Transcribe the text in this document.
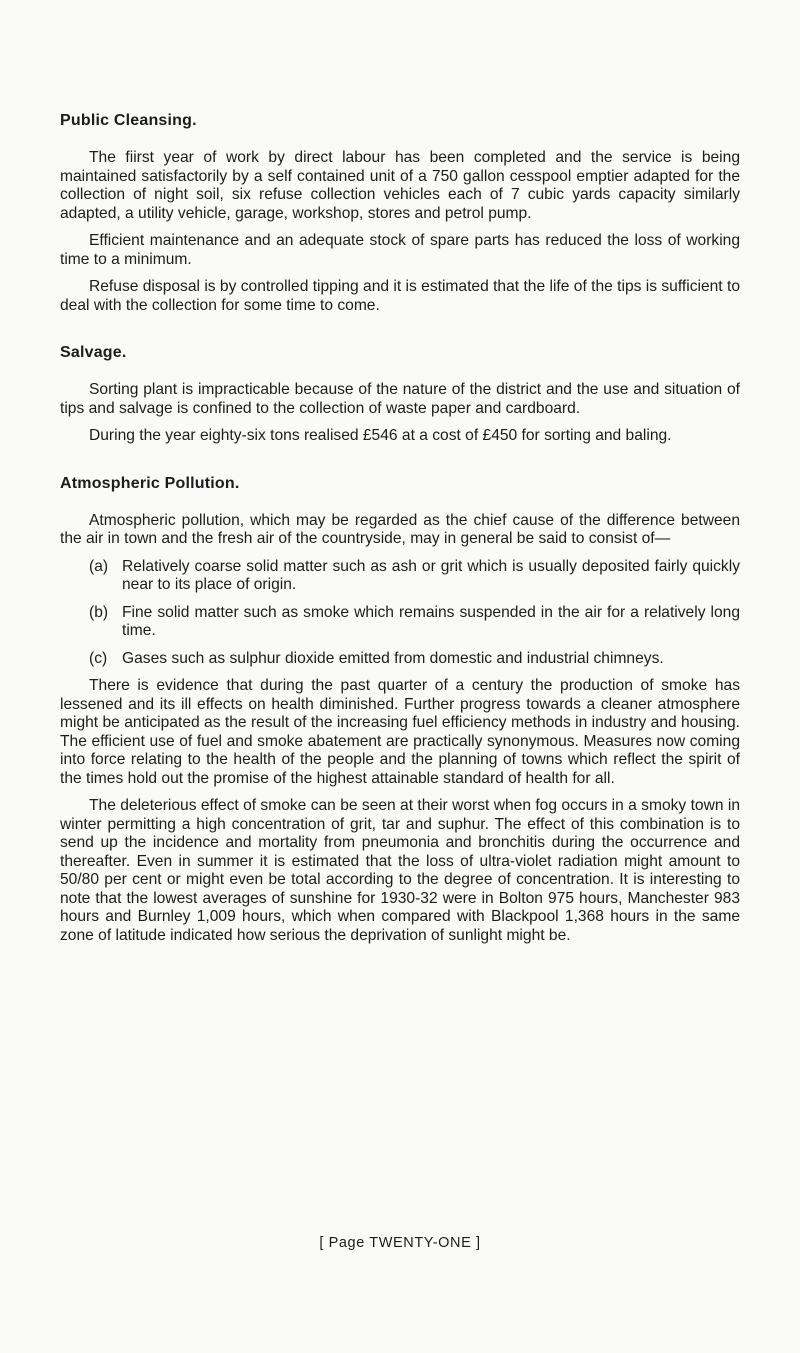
Public Cleansing.

The fiirst year of work by direct labour has been completed and the service is being maintained satisfactorily by a self contained unit of a 750 gallon cesspool emptier adapted for the collection of night soil, six refuse collection vehicles each of 7 cubic yards capacity similarly adapted, a utility vehicle, garage, workshop, stores and petrol pump.

Efficient maintenance and an adequate stock of spare parts has reduced the loss of working time to a minimum.

Refuse disposal is by controlled tipping and it is estimated that the life of the tips is sufficient to deal with the collection for some time to come.

Salvage.

Sorting plant is impracticable because of the nature of the district and the use and situation of tips and salvage is confined to the collection of waste paper and cardboard.

During the year eighty-six tons realised £546 at a cost of £450 for sorting and baling.

Atmospheric Pollution.

Atmospheric pollution, which may be regarded as the chief cause of the difference between the air in town and the fresh air of the countryside, may in general be said to consist of—

(a) Relatively coarse solid matter such as ash or grit which is usually deposited fairly quickly near to its place of origin.
(b) Fine solid matter such as smoke which remains suspended in the air for a relatively long time.
(c) Gases such as sulphur dioxide emitted from domestic and industrial chimneys.

There is evidence that during the past quarter of a century the production of smoke has lessened and its ill effects on health diminished. Further progress towards a cleaner atmosphere might be anticipated as the result of the increasing fuel efficiency methods in industry and housing. The efficient use of fuel and smoke abatement are practically synonymous. Measures now coming into force relating to the health of the people and the planning of towns which reflect the spirit of the times hold out the promise of the highest attainable standard of health for all.

The deleterious effect of smoke can be seen at their worst when fog occurs in a smoky town in winter permitting a high concentration of grit, tar and suphur. The effect of this combination is to send up the incidence and mortality from pneumonia and bronchitis during the occurrence and thereafter. Even in summer it is estimated that the loss of ultra-violet radiation might amount to 50/80 per cent or might even be total according to the degree of concentration. It is interesting to note that the lowest averages of sunshine for 1930-32 were in Bolton 975 hours, Manchester 983 hours and Burnley 1,009 hours, which when compared with Blackpool 1,368 hours in the same zone of latitude indicated how serious the deprivation of sunlight might be.

[ Page TWENTY-ONE ]
